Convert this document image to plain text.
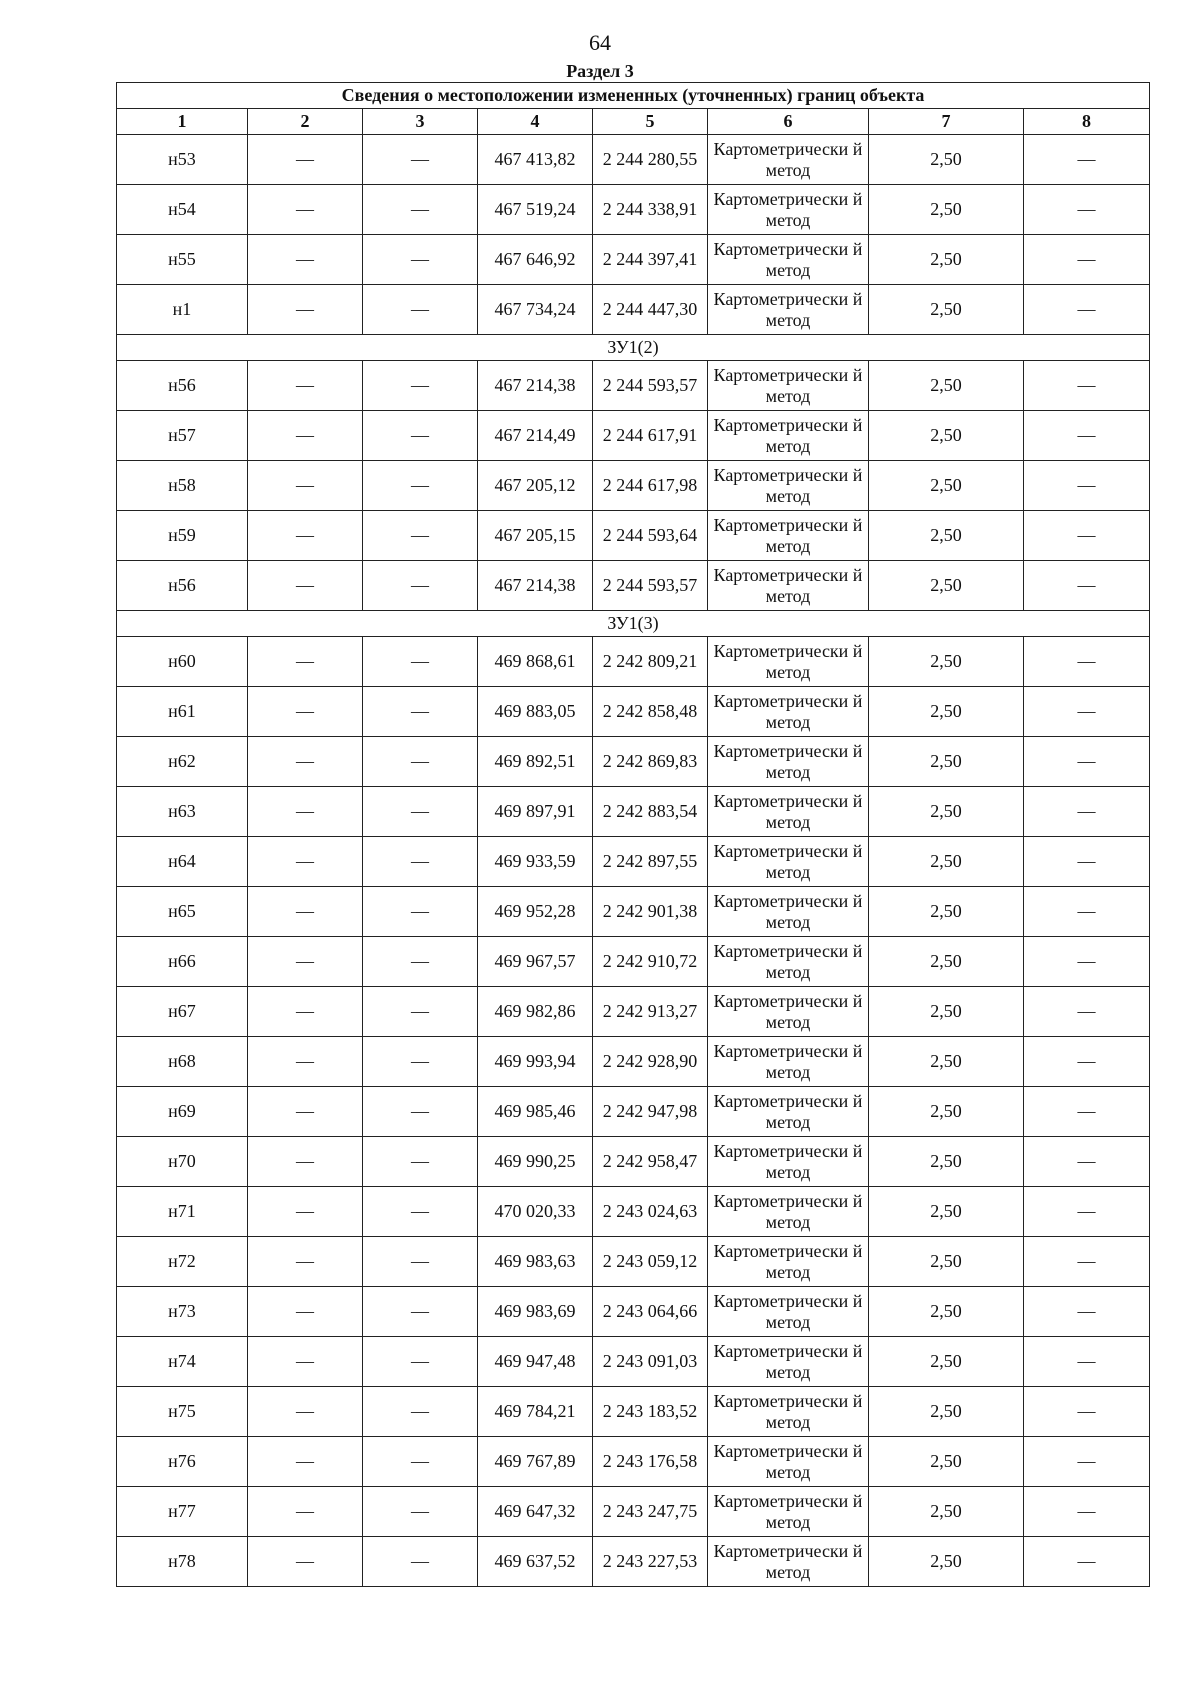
64
Раздел 3
Сведения о местоположении измененных (уточненных) границ объекта							
1	2	3	4	5	6	7	8
н53	—	—	467 413,82	2 244 280,55	Картометрически й метод	2,50	—
н54	—	—	467 519,24	2 244 338,91	Картометрически й метод	2,50	—
н55	—	—	467 646,92	2 244 397,41	Картометрически й метод	2,50	—
н1	—	—	467 734,24	2 244 447,30	Картометрически й метод	2,50	—
ЗУ1(2)							
н56	—	—	467 214,38	2 244 593,57	Картометрически й метод	2,50	—
н57	—	—	467 214,49	2 244 617,91	Картометрически й метод	2,50	—
н58	—	—	467 205,12	2 244 617,98	Картометрически й метод	2,50	—
н59	—	—	467 205,15	2 244 593,64	Картометрически й метод	2,50	—
н56	—	—	467 214,38	2 244 593,57	Картометрически й метод	2,50	—
ЗУ1(3)							
н60	—	—	469 868,61	2 242 809,21	Картометрически й метод	2,50	—
н61	—	—	469 883,05	2 242 858,48	Картометрически й метод	2,50	—
н62	—	—	469 892,51	2 242 869,83	Картометрически й метод	2,50	—
н63	—	—	469 897,91	2 242 883,54	Картометрически й метод	2,50	—
н64	—	—	469 933,59	2 242 897,55	Картометрически й метод	2,50	—
н65	—	—	469 952,28	2 242 901,38	Картометрически й метод	2,50	—
н66	—	—	469 967,57	2 242 910,72	Картометрически й метод	2,50	—
н67	—	—	469 982,86	2 242 913,27	Картометрически й метод	2,50	—
н68	—	—	469 993,94	2 242 928,90	Картометрически й метод	2,50	—
н69	—	—	469 985,46	2 242 947,98	Картометрически й метод	2,50	—
н70	—	—	469 990,25	2 242 958,47	Картометрически й метод	2,50	—
н71	—	—	470 020,33	2 243 024,63	Картометрически й метод	2,50	—
н72	—	—	469 983,63	2 243 059,12	Картометрически й метод	2,50	—
н73	—	—	469 983,69	2 243 064,66	Картометрически й метод	2,50	—
н74	—	—	469 947,48	2 243 091,03	Картометрически й метод	2,50	—
н75	—	—	469 784,21	2 243 183,52	Картометрически й метод	2,50	—
н76	—	—	469 767,89	2 243 176,58	Картометрически й метод	2,50	—
н77	—	—	469 647,32	2 243 247,75	Картометрически й метод	2,50	—
н78	—	—	469 637,52	2 243 227,53	Картометрически й метод	2,50	—
